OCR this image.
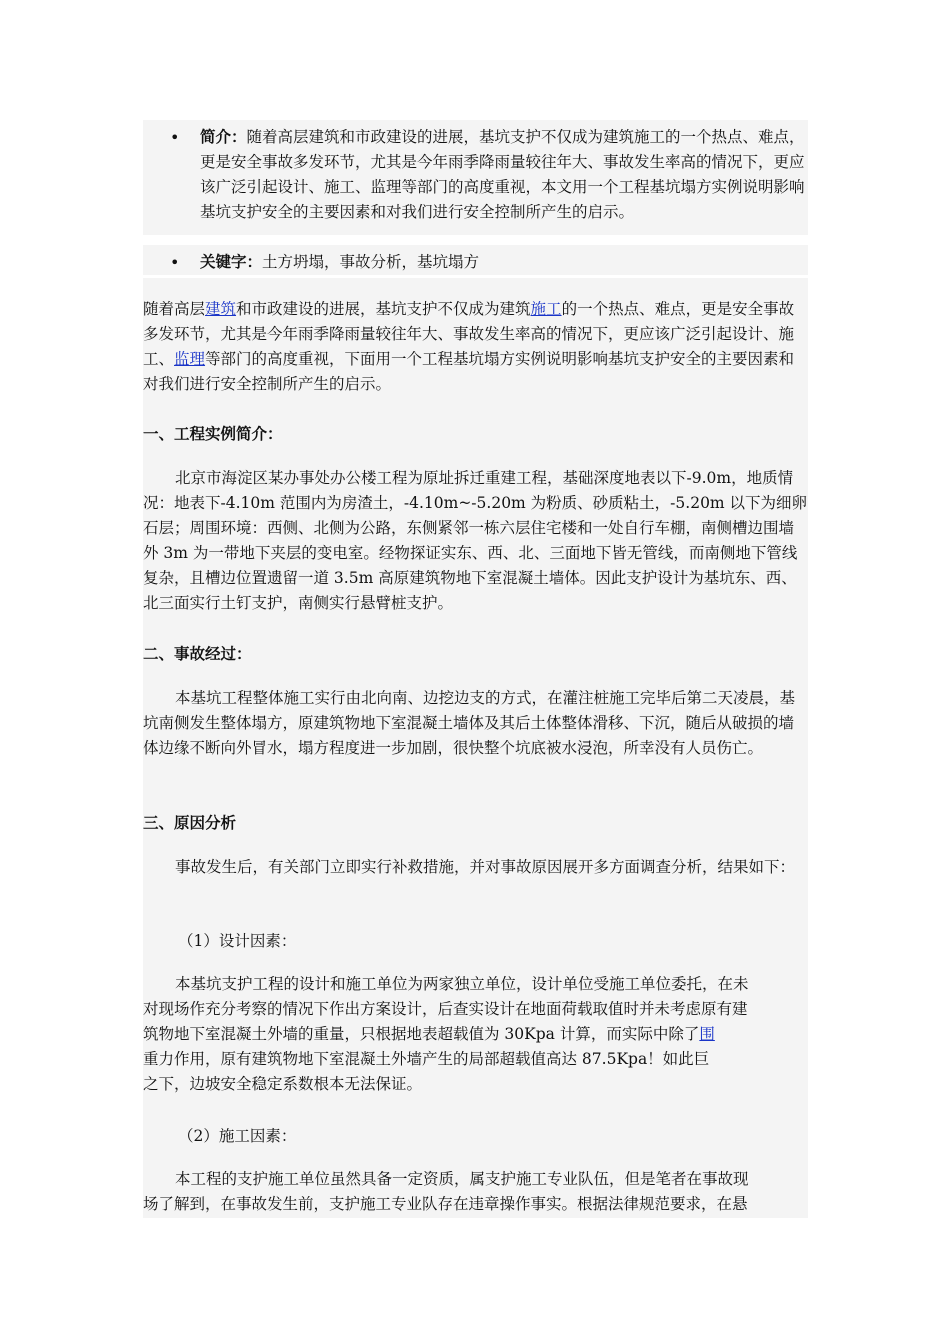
• 简介：随着高层建筑和市政建设的进展，基坑支护不仅成为建筑施工的一个热点、难点，更是安全事故多发环节，尤其是今年雨季降雨量较往年大、事故发生率高的情况下，更应该广泛引起设计、施工、监理等部门的高度重视，本文用一个工程基坑塌方实例说明影响基坑支护安全的主要因素和对我们进行安全控制所产生的启示。
• 关键字：土方坍塌，事故分析，基坑塌方
随着高层建筑和市政建设的进展，基坑支护不仅成为建筑施工的一个热点、难点，更是安全事故多发环节，尤其是今年雨季降雨量较往年大、事故发生率高的情况下，更应该广泛引起设计、施工、监理等部门的高度重视，下面用一个工程基坑塌方实例说明影响基坑支护安全的主要因素和对我们进行安全控制所产生的启示。
一、工程实例简介：
北京市海淀区某办事处办公楼工程为原址拆迁重建工程，基础深度地表以下-9.0m，地质情况：地表下-4.10m 范围内为房渣土，-4.10m~-5.20m 为粉质、砂质粘土，-5.20m 以下为细卵石层；周围环境：西侧、北侧为公路，东侧紧邻一栋六层住宅楼和一处自行车棚，南侧槽边围墙外 3m 为一带地下夹层的变电室。经物探证实东、西、北、三面地下皆无管线，而南侧地下管线复杂，且槽边位置遗留一道 3.5m 高原建筑物地下室混凝土墙体。因此支护设计为基坑东、西、北三面实行土钉支护，南侧实行悬臂桩支护。
二、事故经过：
本基坑工程整体施工实行由北向南、边挖边支的方式，在灌注桩施工完毕后第二天凌晨，基坑南侧发生整体塌方，原建筑物地下室混凝土墙体及其后土体整体滑移、下沉，随后从破损的墙体边缘不断向外冒水，塌方程度进一步加剧，很快整个坑底被水浸泡，所幸没有人员伤亡。
三、原因分析
事故发生后，有关部门立即实行补救措施，并对事故原因展开多方面调查分析，结果如下：
（1）设计因素：
本基坑支护工程的设计和施工单位为两家独立单位，设计单位受施工单位委托，在未
对现场作充分考察的情况下作出方案设计，后查实设计在地面荷载取值时并未考虑原有建
筑物地下室混凝土外墙的重量，只根据地表超载值为 30Kpa 计算，而实际中除了围
重力作用，原有建筑物地下室混凝土外墙产生的局部超载值高达 87.5Kpa！如此巨
之下，边坡安全稳定系数根本无法保证。
（2）施工因素：
本工程的支护施工单位虽然具备一定资质，属支护施工专业队伍，但是笔者在事故现
场了解到，在事故发生前，支护施工专业队存在违章操作事实。根据法律规范要求，在悬
